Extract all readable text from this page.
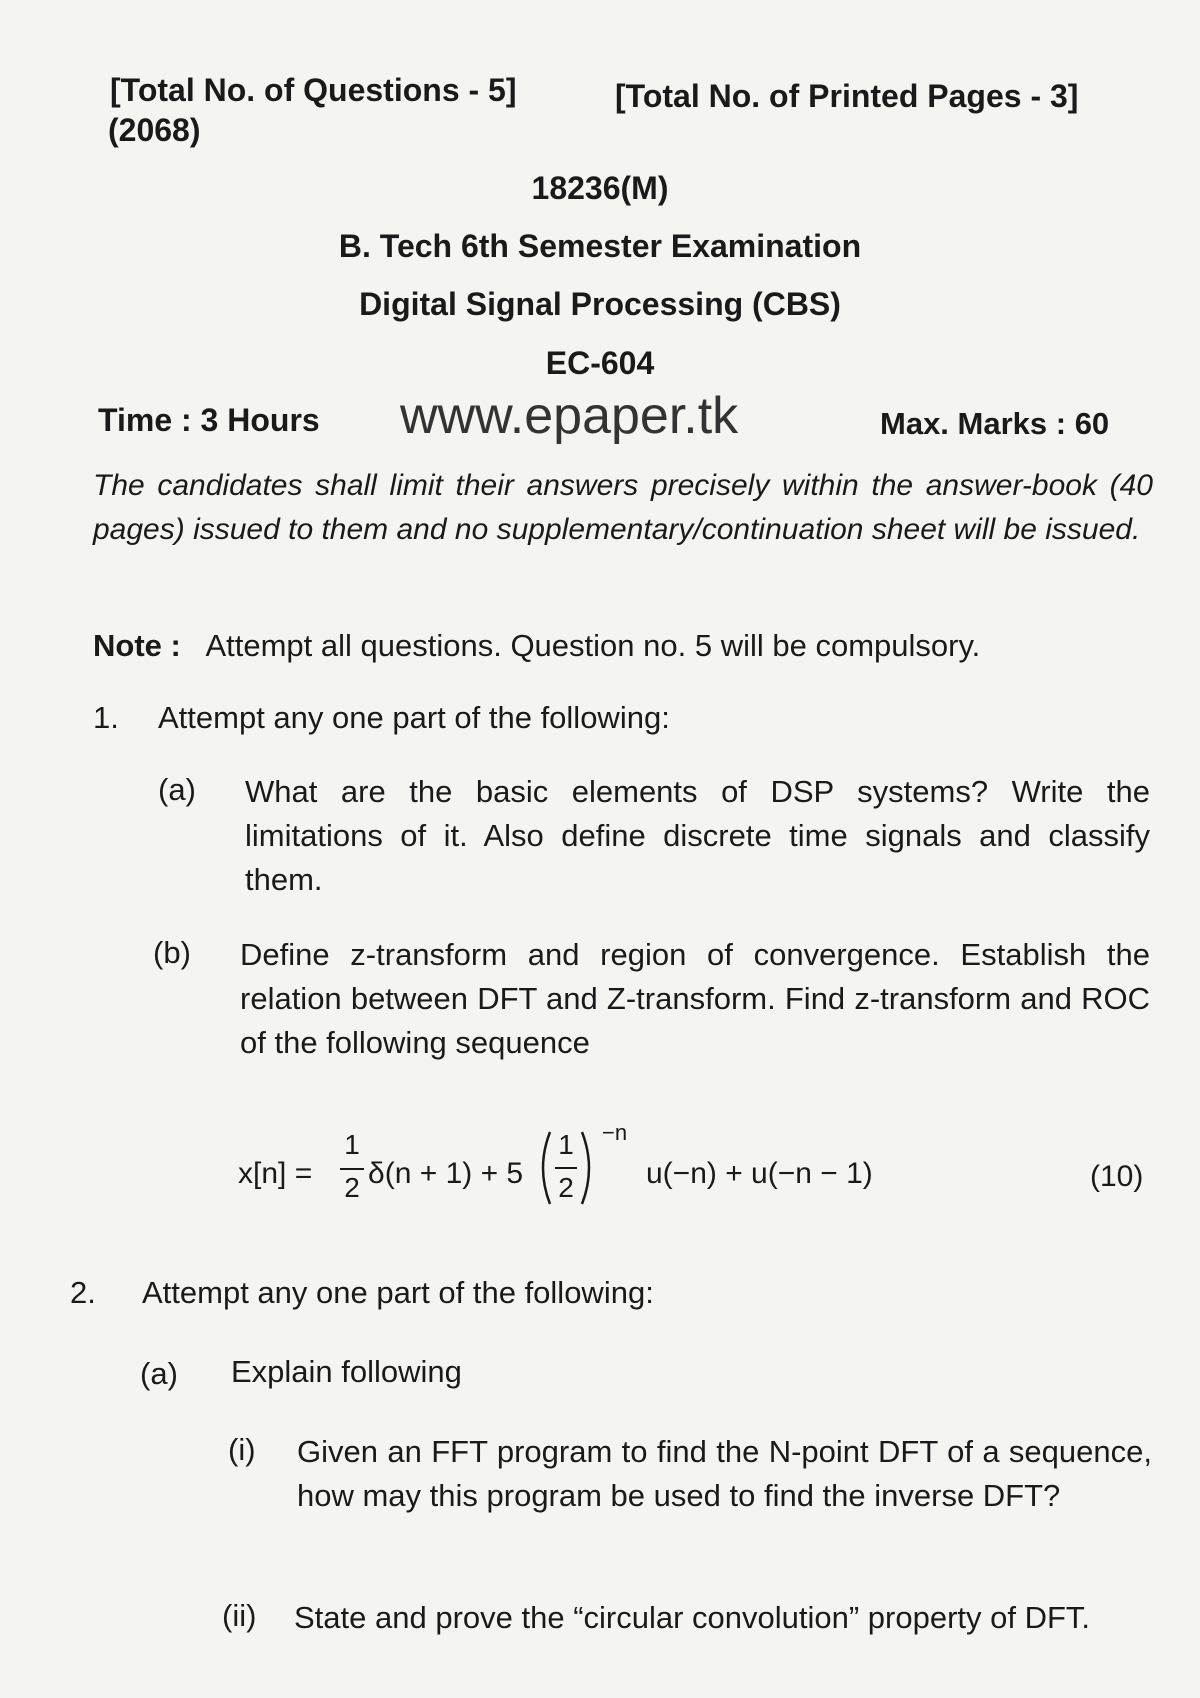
[Total No. of Questions - 5]	[Total No. of Printed Pages - 3]
(2068)
18236(M)
B. Tech 6th Semester Examination
Digital Signal Processing (CBS)
EC-604
Time : 3 Hours www.epaper.tk	Max. Marks : 60
The candidates shall limit their answers precisely within the answer-book (40 pages) issued to them and no supplementary/continuation sheet will be issued.
Note : Attempt all questions. Question no. 5 will be compulsory.
1. Attempt any one part of the following:
(a) What are the basic elements of DSP systems? Write the limitations of it. Also define discrete time signals and classify them.
(b) Define z-transform and region of convergence. Establish the relation between DFT and Z-transform. Find z-transform and ROC of the following sequence
x[n] =
1
2 δ(n + 1) + 5
1
2
−n
u(−n) + u(−n − 1)	(10)
2. Attempt any one part of the following:
(a) Explain following
(i) Given an FFT program to find the N-point DFT of a sequence, how may this program be used to find the inverse DFT?
(ii) State and prove the “circular convolution” property of DFT.
